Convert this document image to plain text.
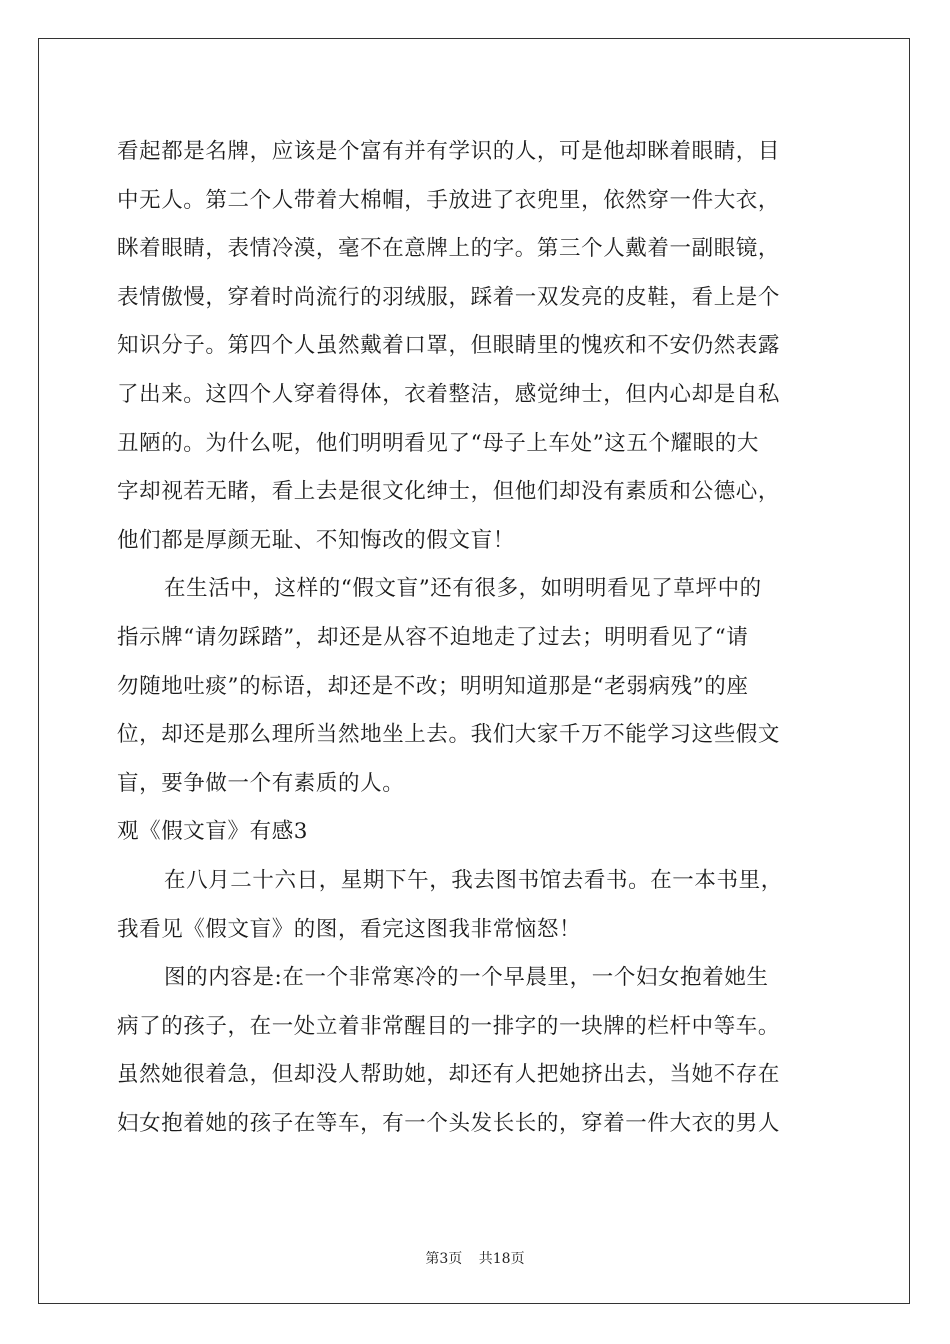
看起都是名牌，应该是个富有并有学识的人，可是他却眯着眼睛，目
中无人。第二个人带着大棉帽，手放进了衣兜里，依然穿一件大衣，
眯着眼睛，表情冷漠，毫不在意牌上的字。第三个人戴着一副眼镜，
表情傲慢，穿着时尚流行的羽绒服，踩着一双发亮的皮鞋，看上是个
知识分子。第四个人虽然戴着口罩，但眼睛里的愧疚和不安仍然表露
了出来。这四个人穿着得体，衣着整洁，感觉绅士，但内心却是自私
丑陋的。为什么呢，他们明明看见了“母子上车处”这五个耀眼的大
字却视若无睹，看上去是很文化绅士，但他们却没有素质和公德心，
他们都是厚颜无耻、不知悔改的假文盲！
在生活中，这样的“假文盲”还有很多，如明明看见了草坪中的
指示牌“请勿踩踏”，却还是从容不迫地走了过去；明明看见了“请
勿随地吐痰”的标语，却还是不改；明明知道那是“老弱病残”的座
位，却还是那么理所当然地坐上去。我们大家千万不能学习这些假文
盲，要争做一个有素质的人。
观《假文盲》有感3
在八月二十六日，星期下午，我去图书馆去看书。在一本书里，
我看见《假文盲》的图，看完这图我非常恼怒！
图的内容是:在一个非常寒冷的一个早晨里，一个妇女抱着她生
病了的孩子，在一处立着非常醒目的一排字的一块牌的栏杆中等车。
虽然她很着急，但却没人帮助她，却还有人把她挤出去，当她不存在
妇女抱着她的孩子在等车，有一个头发长长的，穿着一件大衣的男人
第3页 共18页
